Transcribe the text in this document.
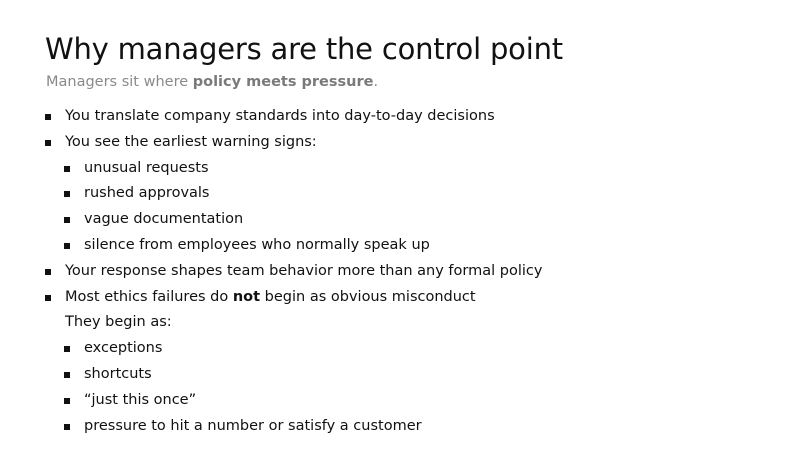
Why managers are the control point

Managers sit where policy meets pressure.

You translate company standards into day-to-day decisions
You see the earliest warning signs:
unusual requests
rushed approvals
vague documentation
silence from employees who normally speak up
Your response shapes team behavior more than any formal policy
Most ethics failures do not begin as obvious misconduct
They begin as:
exceptions
shortcuts
“just this once”
pressure to hit a number or satisfy a customer
